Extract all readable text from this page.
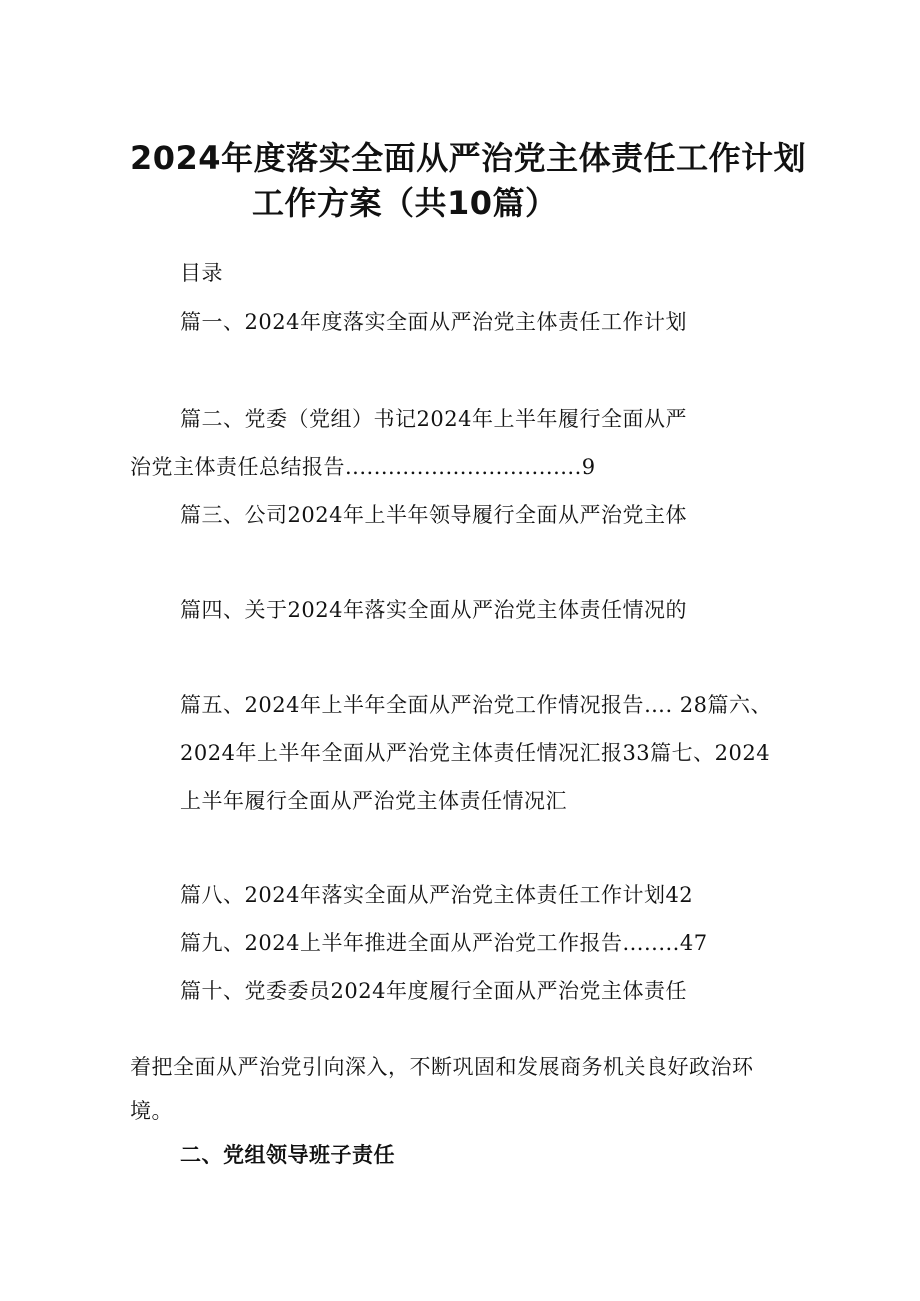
2024年度落实全面从严治党主体责任工作计划
工作方案（共10篇）
目录
篇一、2024年度落实全面从严治党主体责任工作计划
篇二、党委（党组）书记2024年上半年履行全面从严
治党主体责任总结报告.................................9
篇三、公司2024年上半年领导履行全面从严治党主体
篇四、关于2024年落实全面从严治党主体责任情况的
篇五、2024年上半年全面从严治党工作情况报告…. 28篇六、
2024年上半年全面从严治党主体责任情况汇报33篇七、2024
上半年履行全面从严治党主体责任情况汇
篇八、2024年落实全面从严治党主体责任工作计划42
篇九、2024上半年推进全面从严治党工作报告........47
篇十、党委委员2024年度履行全面从严治党主体责任
着把全面从严治党引向深入，不断巩固和发展商务机关良好政治环
境。
二、党组领导班子责任
